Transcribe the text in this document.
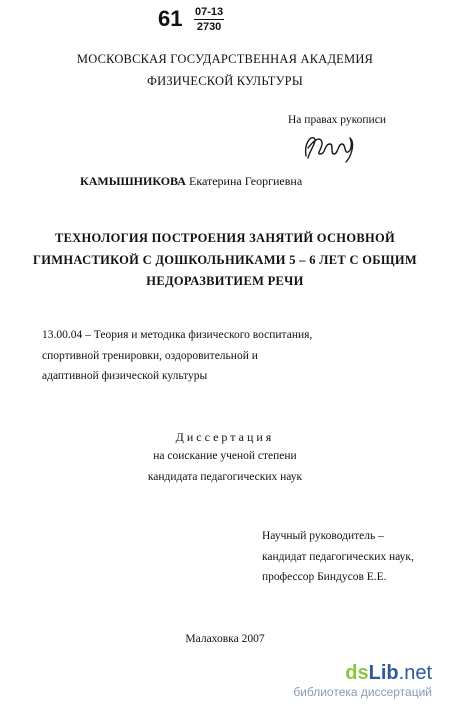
$61 \frac{07-13}{2730}$
МОСКОВСКАЯ ГОСУДАРСТВЕННАЯ АКАДЕМИЯ
ФИЗИЧЕСКОЙ КУЛЬТУРЫ
На правах рукописи
КАМЫШНИКОВА Екатерина Георгиевна
ТЕХНОЛОГИЯ ПОСТРОЕНИЯ ЗАНЯТИЙ ОСНОВНОЙ
ГИМНАСТИКОЙ С ДОШКОЛЬНИКАМИ 5 – 6 ЛЕТ С ОБЩИМ
НЕДОРАЗВИТИЕМ РЕЧИ
13.00.04 – Теория и методика физического воспитания,
спортивной тренировки, оздоровительной и
адаптивной физической культуры
Диссертация
на соискание ученой степени
кандидата педагогических наук
Научный руководитель –
кандидат педагогических наук,
профессор Биндусов Е.Е.
Малаховка 2007
dsLib.net
библиотека диссертаций
